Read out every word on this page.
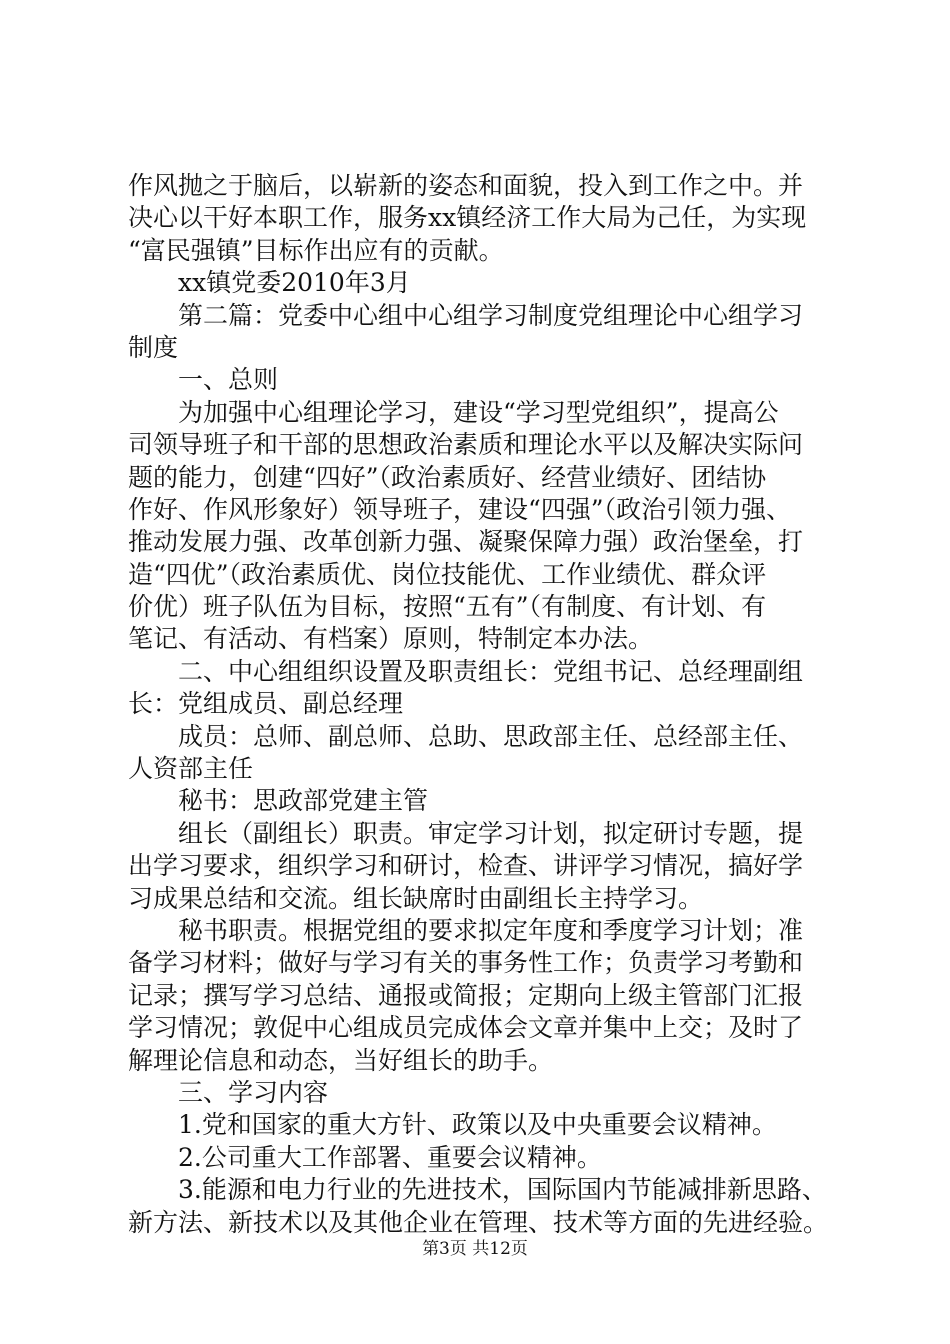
作风抛之于脑后，以崭新的姿态和面貌，投入到工作之中。并
决心以干好本职工作，服务xx镇经济工作大局为己任，为实现
“富民强镇”目标作出应有的贡献。
xx镇党委2010年3月
第二篇：党委中心组中心组学习制度党组理论中心组学习
制度
一、总则
为加强中心组理论学习，建设“学习型党组织”，提高公
司领导班子和干部的思想政治素质和理论水平以及解决实际问
题的能力，创建“四好”（政治素质好、经营业绩好、团结协
作好、作风形象好）领导班子，建设“四强”（政治引领力强、
推动发展力强、改革创新力强、凝聚保障力强）政治堡垒，打
造“四优”（政治素质优、岗位技能优、工作业绩优、群众评
价优）班子队伍为目标，按照“五有”（有制度、有计划、有
笔记、有活动、有档案）原则，特制定本办法。
二、中心组组织设置及职责组长：党组书记、总经理副组
长：党组成员、副总经理
成员：总师、副总师、总助、思政部主任、总经部主任、
人资部主任
秘书：思政部党建主管
组长（副组长）职责。审定学习计划，拟定研讨专题，提
出学习要求，组织学习和研讨，检查、讲评学习情况，搞好学
习成果总结和交流。组长缺席时由副组长主持学习。
秘书职责。根据党组的要求拟定年度和季度学习计划；准
备学习材料；做好与学习有关的事务性工作；负责学习考勤和
记录；撰写学习总结、通报或简报；定期向上级主管部门汇报
学习情况；敦促中心组成员完成体会文章并集中上交；及时了
解理论信息和动态，当好组长的助手。
三、学习内容
1.党和国家的重大方针、政策以及中央重要会议精神。
2.公司重大工作部署、重要会议精神。
3.能源和电力行业的先进技术，国际国内节能减排新思路、
新方法、新技术以及其他企业在管理、技术等方面的先进经验。
第3页 共12页
